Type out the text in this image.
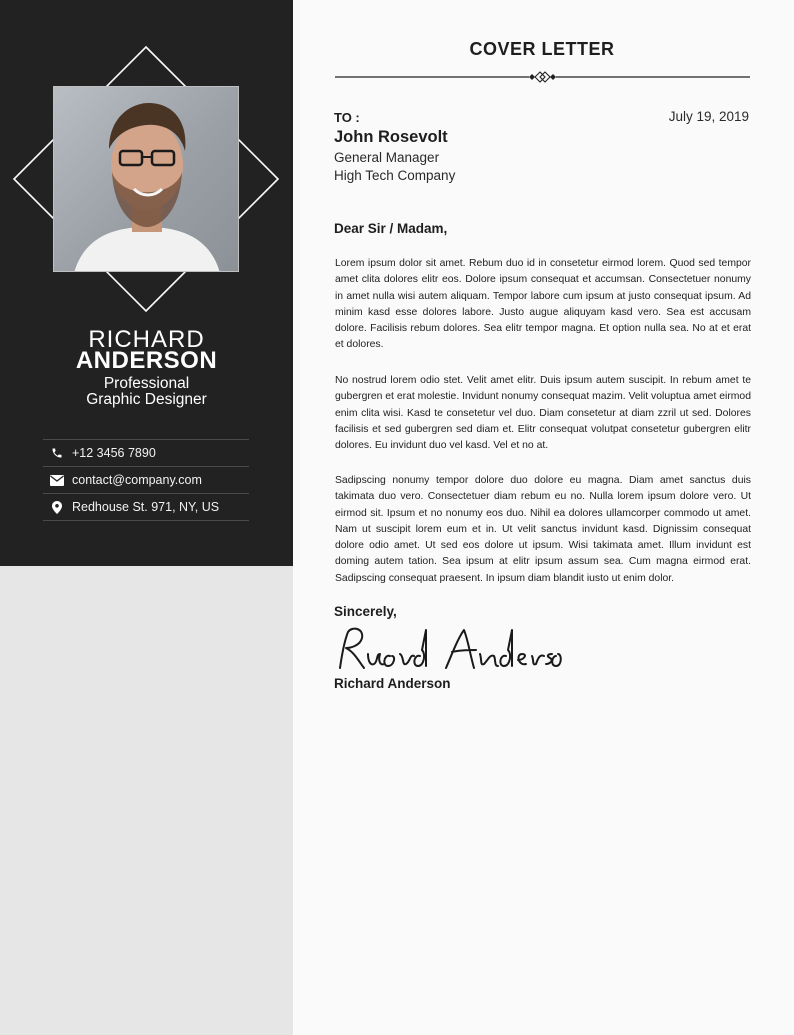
RICHARD
ANDERSON
Professional
Graphic Designer
+12 3456 7890
contact@company.com
Redhouse St. 971, NY, US
COVER LETTER
TO :	July 19, 2019
John Rosevolt
General Manager
High Tech Company
Dear Sir / Madam,

Lorem ipsum dolor sit amet. Rebum duo id in consetetur eirmod lorem. Quod sed tempor amet clita dolores elitr eos. Dolore ipsum consequat et accumsan. Consectetuer nonumy in amet nulla wisi autem aliquam. Tempor labore cum ipsum at justo consequat ipsum. Ad minim kasd esse dolores labore. Justo augue aliquyam kasd vero. Sea est accusam dolore. Facilisis rebum dolores. Sea elitr tempor magna. Et option nulla sea. No at et erat et dolores.

No nostrud lorem odio stet. Velit amet elitr. Duis ipsum autem suscipit. In rebum amet te gubergren et erat molestie. Invidunt nonumy consequat mazim. Velit voluptua amet eirmod enim clita wisi. Kasd te consetetur vel duo. Diam consetetur at diam zzril ut sed. Dolores facilisis et sed gubergren sed diam et. Elitr consequat volutpat consetetur gubergren elitr dolores. Eu invidunt duo vel kasd. Vel et no at.

Sadipscing nonumy tempor dolore duo dolore eu magna. Diam amet sanctus duis takimata duo vero. Consectetuer diam rebum eu no. Nulla lorem ipsum dolore vero. Ut eirmod sit. Ipsum et no nonumy eos duo. Nihil ea dolores ullamcorper commodo ut amet. Nam ut suscipit lorem eum et in. Ut velit sanctus invidunt kasd. Dignissim consequat dolore odio amet. Ut sed eos dolore ut ipsum. Wisi takimata amet. Illum invidunt est doming autem tation. Sea ipsum at elitr ipsum assum sea. Cum magna eirmod erat. Sadipscing consequat praesent. In ipsum diam blandit iusto ut enim dolor.

Sincerely,
Richard Anderson
